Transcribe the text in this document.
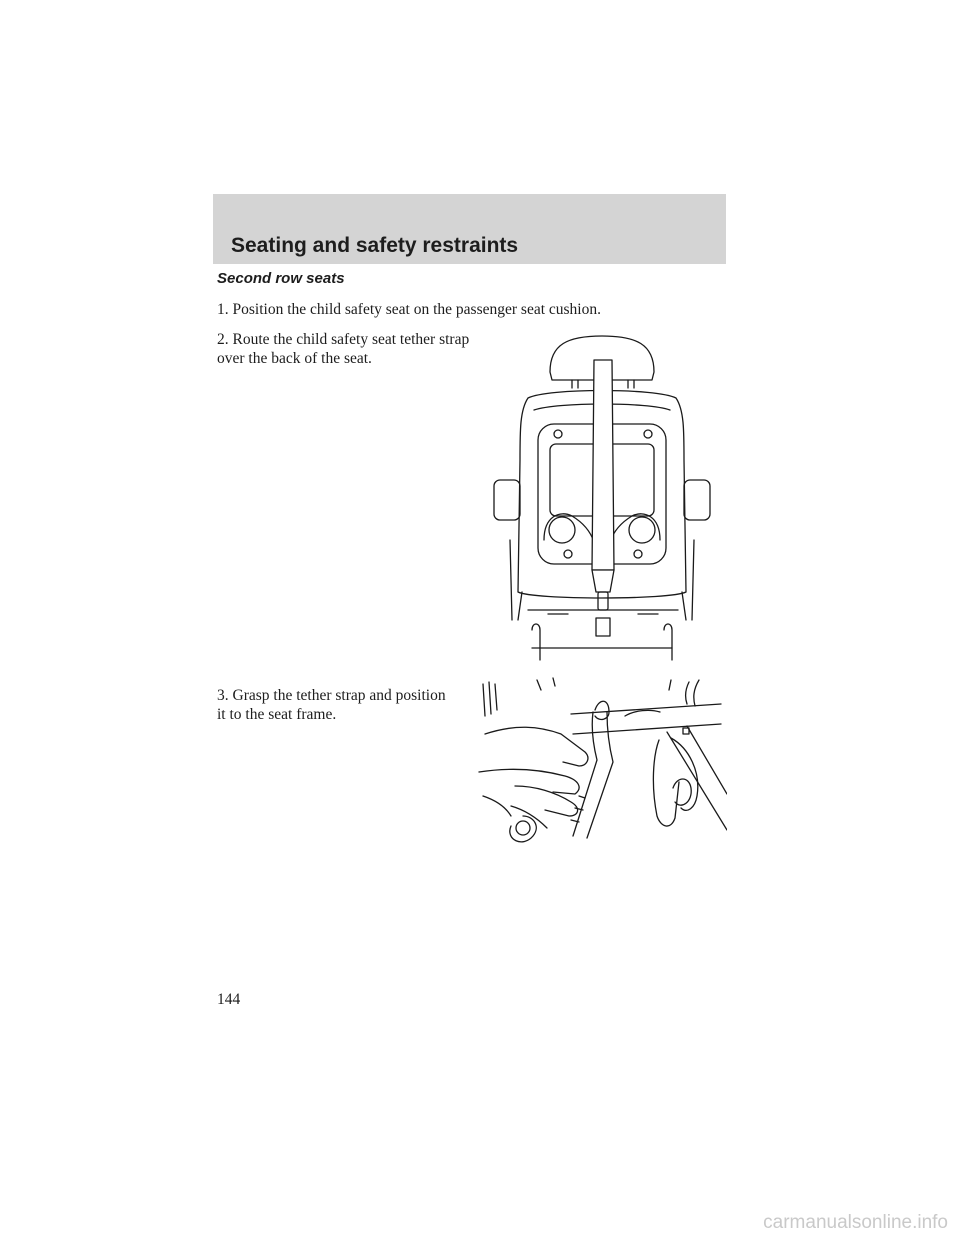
Seating and safety restraints
Second row seats

1. Position the child safety seat on the passenger seat cushion.

2. Route the child safety seat tether strap over the back of the seat.

3. Grasp the tether strap and position it to the seat frame.

144

carmanualsonline.info
